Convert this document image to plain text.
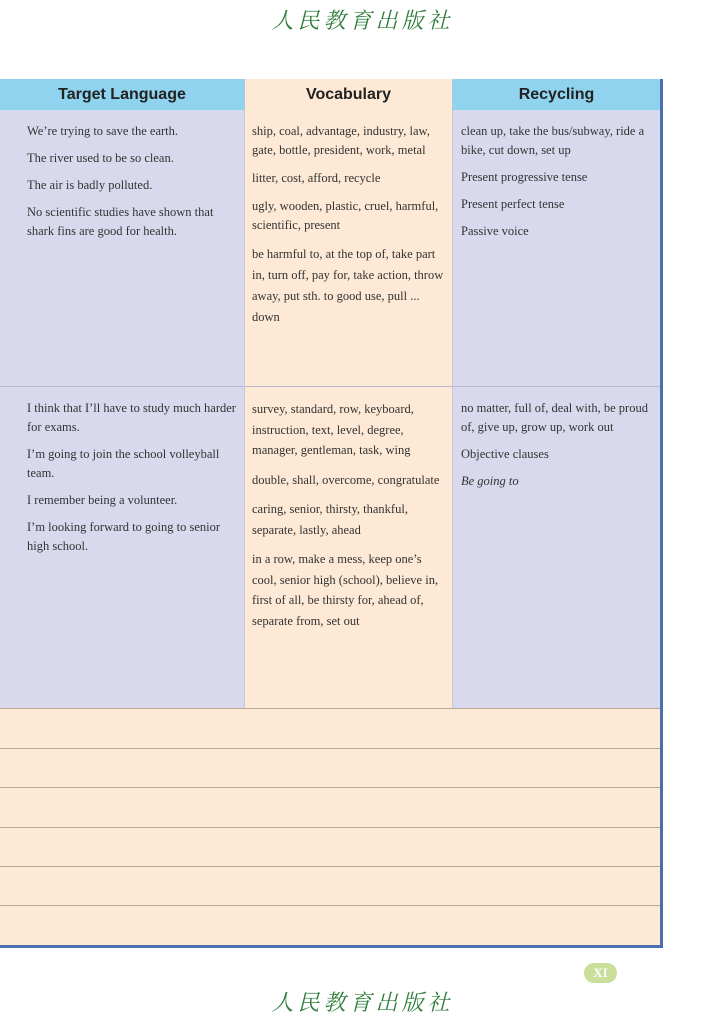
人民教育出版社
Target Language	Vocabulary	Recycling

We’re trying to save the earth.

The river used to be so clean.

The air is badly polluted.

No scientific studies have shown that shark fins are good for health.

ship, coal, advantage, industry, law, gate, bottle, president, work, metal

litter, cost, afford, recycle

ugly, wooden, plastic, cruel, harmful, scientific, present

be harmful to, at the top of, take part in, turn off, pay for, take action, throw away, put sth. to good use, pull ... down

clean up, take the bus/subway, ride a bike, cut down, set up

Present progressive tense

Present perfect tense

Passive voice

I think that I’ll have to study much harder for exams.

I’m going to join the school volleyball team.

I remember being a volunteer.

I’m looking forward to going to senior high school.

survey, standard, row, keyboard, instruction, text, level, degree, manager, gentleman, task, wing

double, shall, overcome, congratulate

caring, senior, thirsty, thankful, separate, lastly, ahead

in a row, make a mess, keep one’s cool, senior high (school), believe in, first of all, be thirsty for, ahead of, separate from, set out

no matter, full of, deal with, be proud of, give up, grow up, work out

Objective clauses

Be going to

XI
人民教育出版社
